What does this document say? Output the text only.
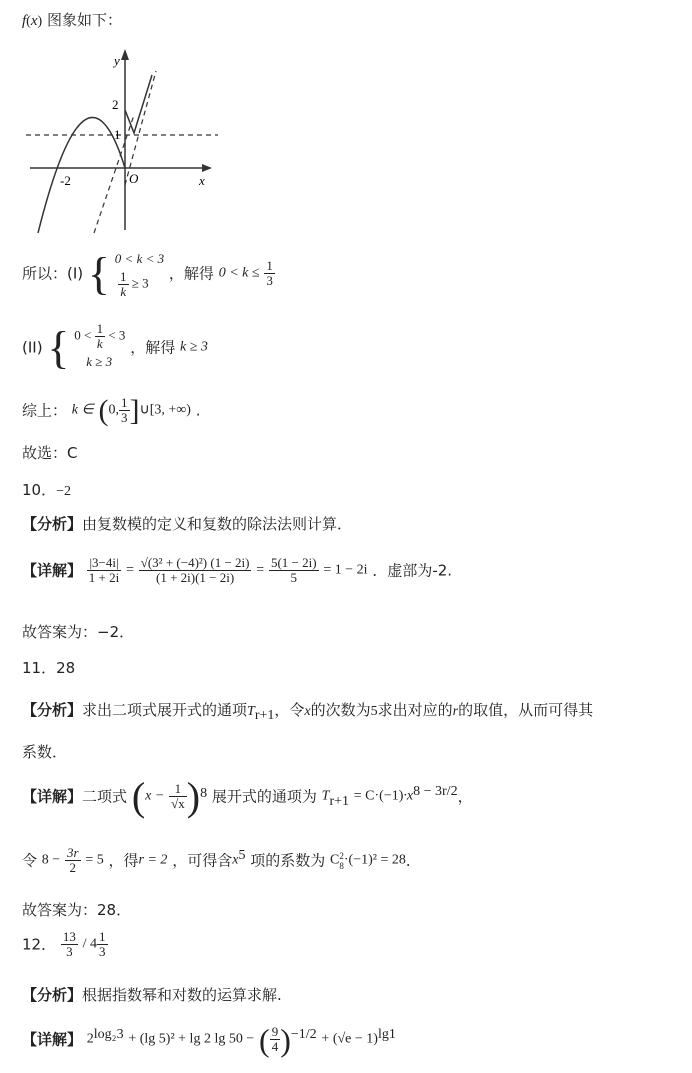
f(x) 图象如下：
y
x
2
1
-2	O
所以：(I) { 0 < k < 3

$\frac{1}{k} \ge 3$
，解得 $0 < k \le \frac{1}{3}$
(II) { $0 < \frac{1}{k} < 3$
k ≥ 3
，解得 k ≥ 3
综上： k ∈ (0, $\frac{1}{3}$ ]∪[3, +∞) .
故选：C
10．−2
【分析】由复数模的定义和复数的除法法则计算．
【详解】 $\frac{|3-4i|}{1 + 2i} = \frac{\text{√(3² + (−4)²) (1 − 2i)}}{(1 + 2i)(1 - 2i)} = \frac{5(1 - 2i)}{5} = 1 - 2i$ ．虚部为-2.
故答案为：−2．
11．28
【分析】求出二项式展开式的通项$T_{r+1}$，令x的次数为5求出对应的r的取值，从而可得其
系数．
【详解】二项式 $(x - \frac{1}{√x} )^8$ 展开式的通项为 $T_{r+1} = C\cdot(-1)\cdot x^{8 - 3r/2}$，
令 $8 - \frac{3r}{2} = 5$ ，得r = 2 ，可得含$x^5$ 项的系数为 C 2
8 ·(−1)² = 28．
故答案为：28．
12． $\frac{13}{3} / 4 \frac{1}{3}$
【分析】根据指数幂和对数的运算求解.
【详解】 $2^{log_23} + (\lg$ 5)² + lg 2 lg 50 − ( $\frac{9}{4} )^{-1/2} + (√e - 1)^{lg1}$
